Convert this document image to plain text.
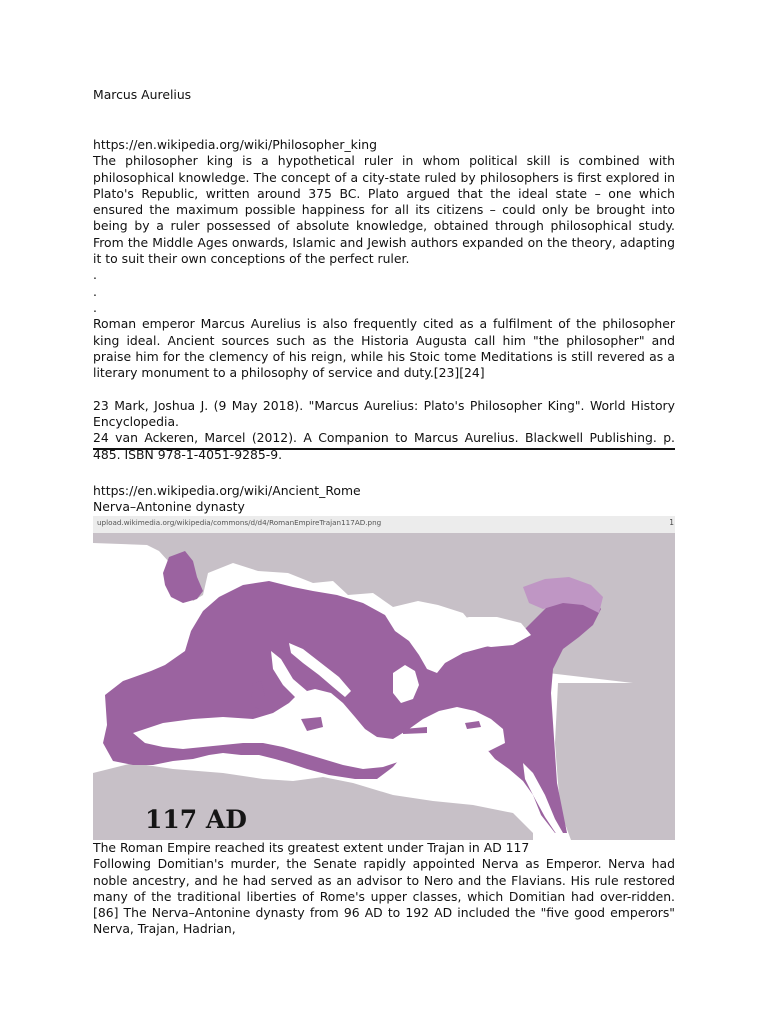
Marcus Aurelius

https://en.wikipedia.org/wiki/Philosopher_king

The philosopher king is a hypothetical ruler in whom political skill is combined with philosophical knowledge. The concept of a city-state ruled by philosophers is first explored in Plato's Republic, written around 375 BC. Plato argued that the ideal state – one which ensured the maximum possible happiness for all its citizens – could only be brought into being by a ruler possessed of absolute knowledge, obtained through philosophical study. From the Middle Ages onwards, Islamic and Jewish authors expanded on the theory, adapting it to suit their own conceptions of the perfect ruler.

.

.

.

Roman emperor Marcus Aurelius is also frequently cited as a fulfilment of the philosopher king ideal. Ancient sources such as the Historia Augusta call him "the philosopher" and praise him for the clemency of his reign, while his Stoic tome Meditations is still revered as a literary monument to a philosophy of service and duty.[23][24]

23 Mark, Joshua J. (9 May 2018). "Marcus Aurelius: Plato's Philosopher King". World History Encyclopedia.

24 van Ackeren, Marcel (2012). A Companion to Marcus Aurelius. Blackwell Publishing. p. 485. ISBN 978-1-4051-9285-9.

https://en.wikipedia.org/wiki/Ancient_Rome

Nerva–Antonine dynasty

upload.wikimedia.org/wikipedia/commons/d/d4/RomanEmpireTrajan117AD.png	1
117 AD

The Roman Empire reached its greatest extent under Trajan in AD 117

Following Domitian's murder, the Senate rapidly appointed Nerva as Emperor. Nerva had noble ancestry, and he had served as an advisor to Nero and the Flavians. His rule restored many of the traditional liberties of Rome's upper classes, which Domitian had over-ridden.[86] The Nerva–Antonine dynasty from 96 AD to 192 AD included the "five good emperors" Nerva, Trajan, Hadrian,
